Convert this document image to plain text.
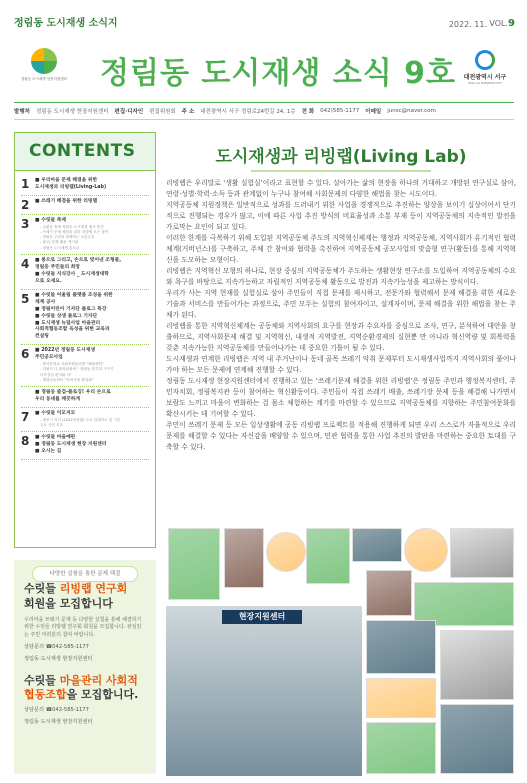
정림동 도시재생 소식지	2022. 11. VOL.9
정림동 도시재생 현장지원센터 정림동 도시재생 소식 9호	대전광역시 서구
SEO-GU DAEJEON CITY
발행처 정림동 도시재생 현장지원센터 편집·디자인 편집위원회 주 소 대전광역시 서구 정림로24번길 24, 1층 전 화 042)585-1177 이메일 junsc@naver.com
CONTENTS
1	■ 우리마을 문제 해결을 위한
도시재생과 리빙랩(Living-Lab)
2	■ 쓰레기 해결을 위한 리빙랩
3	■ 수릿들 축제
- 수릿들 축제 정림동 도시재생 행사 풍경
- 쓰레기 문제 해결을 위한 리빙랩 모든 참여
- 정림동 주민과 함께하는 소통공유
- 홍보/ 문화 활동 게시판
- 정림동 도시재생 홍보존
4	■ 봉으로 그리고, 손으로 빚어낸 조형물,
정림동 주민들의 희망
■ 수릿들 지식강사 _ 도시재생대학
으로 오세요.
5	■ 수릿들 어울림 플랫폼 조성을 위한
체계 공사
■ 정림어린이 기자단 블로그 특강
■ 수릿들 상생 블로그 기자단
■ 도시재생 뉴딜사업 마을관리
사회적협동조합 육성을 위한 교육과
컨설팅
6	■ 2022년 정림동 도시재생
주민공모사업
- 출석문화교 사회적협동조합 “해피센터”
- 더불어 다 플라워원예 “ 정림동 꽃특허 가꾸기
다목질업 편지와 저”
- 행복나눔센터 “아파사랑 협업회”
■ 정림동 즐겁-플로깅! 우리 손으로
우리 동네를 깨끗하게
7	■ 수릿들 이모저모
- 대전시 지식 (2022년정림) 주요 업데이트 및 시간
주요 사진 모음
8	■ 수릿들 마을예판
■ 정림동 도시재생 현장 지원센터
■ 오시는 길
다양한 실험을 통한 문제 해결
수릿들 리빙랩 연구회
회원을 모집합니다
우리마을 쓰레기 문제 등 다양한 실험을 통해 해결하기 위한 수릿들 리빙랩 연구회 회원을 모집합니다. 관심있는 주민 여러분의 참여 바랍니다.
상담문의 ☎042-585-1177
정림동 도시재생 현장지원센터
수릿들 마을관리 사회적협동조합을 모집합니다.
상담문의 ☎042-585-1177
정림동 도시재생 현장지원센터
도시재생과 리빙랩(Living Lab)

리빙랩은 우리말로 ‘생활 실험실’이라고 표현할 수 있다. 살아가는 삶의 현장을 하나의 거대하고 개방된 연구실로 삼아, 연령·성별·학력·소득 등과 관계없이 누구나 참여해 사회문제의 다양한 해법을 찾는 시도이다.

지역공동체 지원정책은 일반적으로 성과를 드러내기 위한 사업을 경쟁적으로 추진하는 양상을 보이기 십상이어서 단기적으로 진행되는 경우가 많고, 이에 따른 사업 추진 방식의 비효율성과 소통 부재 등이 지역공동체의 지속적인 발전을 가로막는 요인이 되고 있다.

이러한 한계를 극복하기 위해 도입된 지역공동체 주도의 지역혁신체계는 행정과 지역공동체, 지역사회가 유기적인 협력체계(거버넌스)를 구축하고, 주체 간 참여와 협력을 촉진하여 지역공동체 공모사업의 맞춤형 연구(활동)를 통해 지역혁신을 도모하는 모형이다.

리빙랩은 지역혁신 모형의 하나로, 현장 중심의 지역공동체가 주도하는 생활현장 연구소를 도입하여 지역공동체의 수요와 욕구를 바탕으로 지속가능하고 자립적인 지역공동체 활동으로 발전과 지속가능성을 제고하는 방식이다.

우리가 사는 지역 현재를 실험실로 삼아 주민들이 직접 문제를 제시하고, 전문가와 협력해서 문제 해결을 위한 새로운 기술과 서비스를 만들어가는 과정으로, 주민 모두는 실험의 참여자이고, 설계자이며, 문제 해결을 위한 해법을 찾는 주체가 된다.

리빙랩을 통한 지역혁신체계는 공동체와 지역사회의 요구를 현장과 수요자를 중심으로 조사, 연구, 분석하여 대안을 창출하므로, 지역사회문제 해결 및 지역혁신, 내생적 지역발전, 지역순환경제의 실현뿐 만 아니라 혁신역량 및 회복력을 갖춘 지속가능한 지역공동체를 만들어나가는 데 중요한 기틀이 될 수 있다.

도시재생과 연계한 리빙랩은 지역 내 주거난이나 동네 골목 쓰레기 악취 문제부터 도시재생사업까지 지역사회의 풀어나가야 하는 모든 문제에 연계해 진행할 수 있다.

정림동 도시재생 현장지원센터에서 진행하고 있는 ‘쓰레기문제 해결을 위한 리빙랩’은 정림동 주민과 행정복지센터, 주민자치회, 정림복지관 등이 참여하는 혁신활동이다. 주민들이 직접 쓰레기 배출, 쓰레기장 문제 등을 해결해 나가면서 보람도 느끼고 마을이 변화하는 걸 몸소 체험하는 계기를 마련할 수 있으므로 지역공동체를 지향하는 주민참여문화를 확산시키는 데 기여할 수 있다.

주민이 쓰레기 문제 등 모든 일상생활에 공동 리빙랩 프로젝트를 적용해 진행하게 되면 우리 스스로가 자율적으로 우리 문제를 해결할 수 있다는 자신감을 배양할 수 있으며, 민관 협력을 통한 사업 추진의 발판을 마련하는 중요한 토대를 구축할 수 있다.

현장지원센터
